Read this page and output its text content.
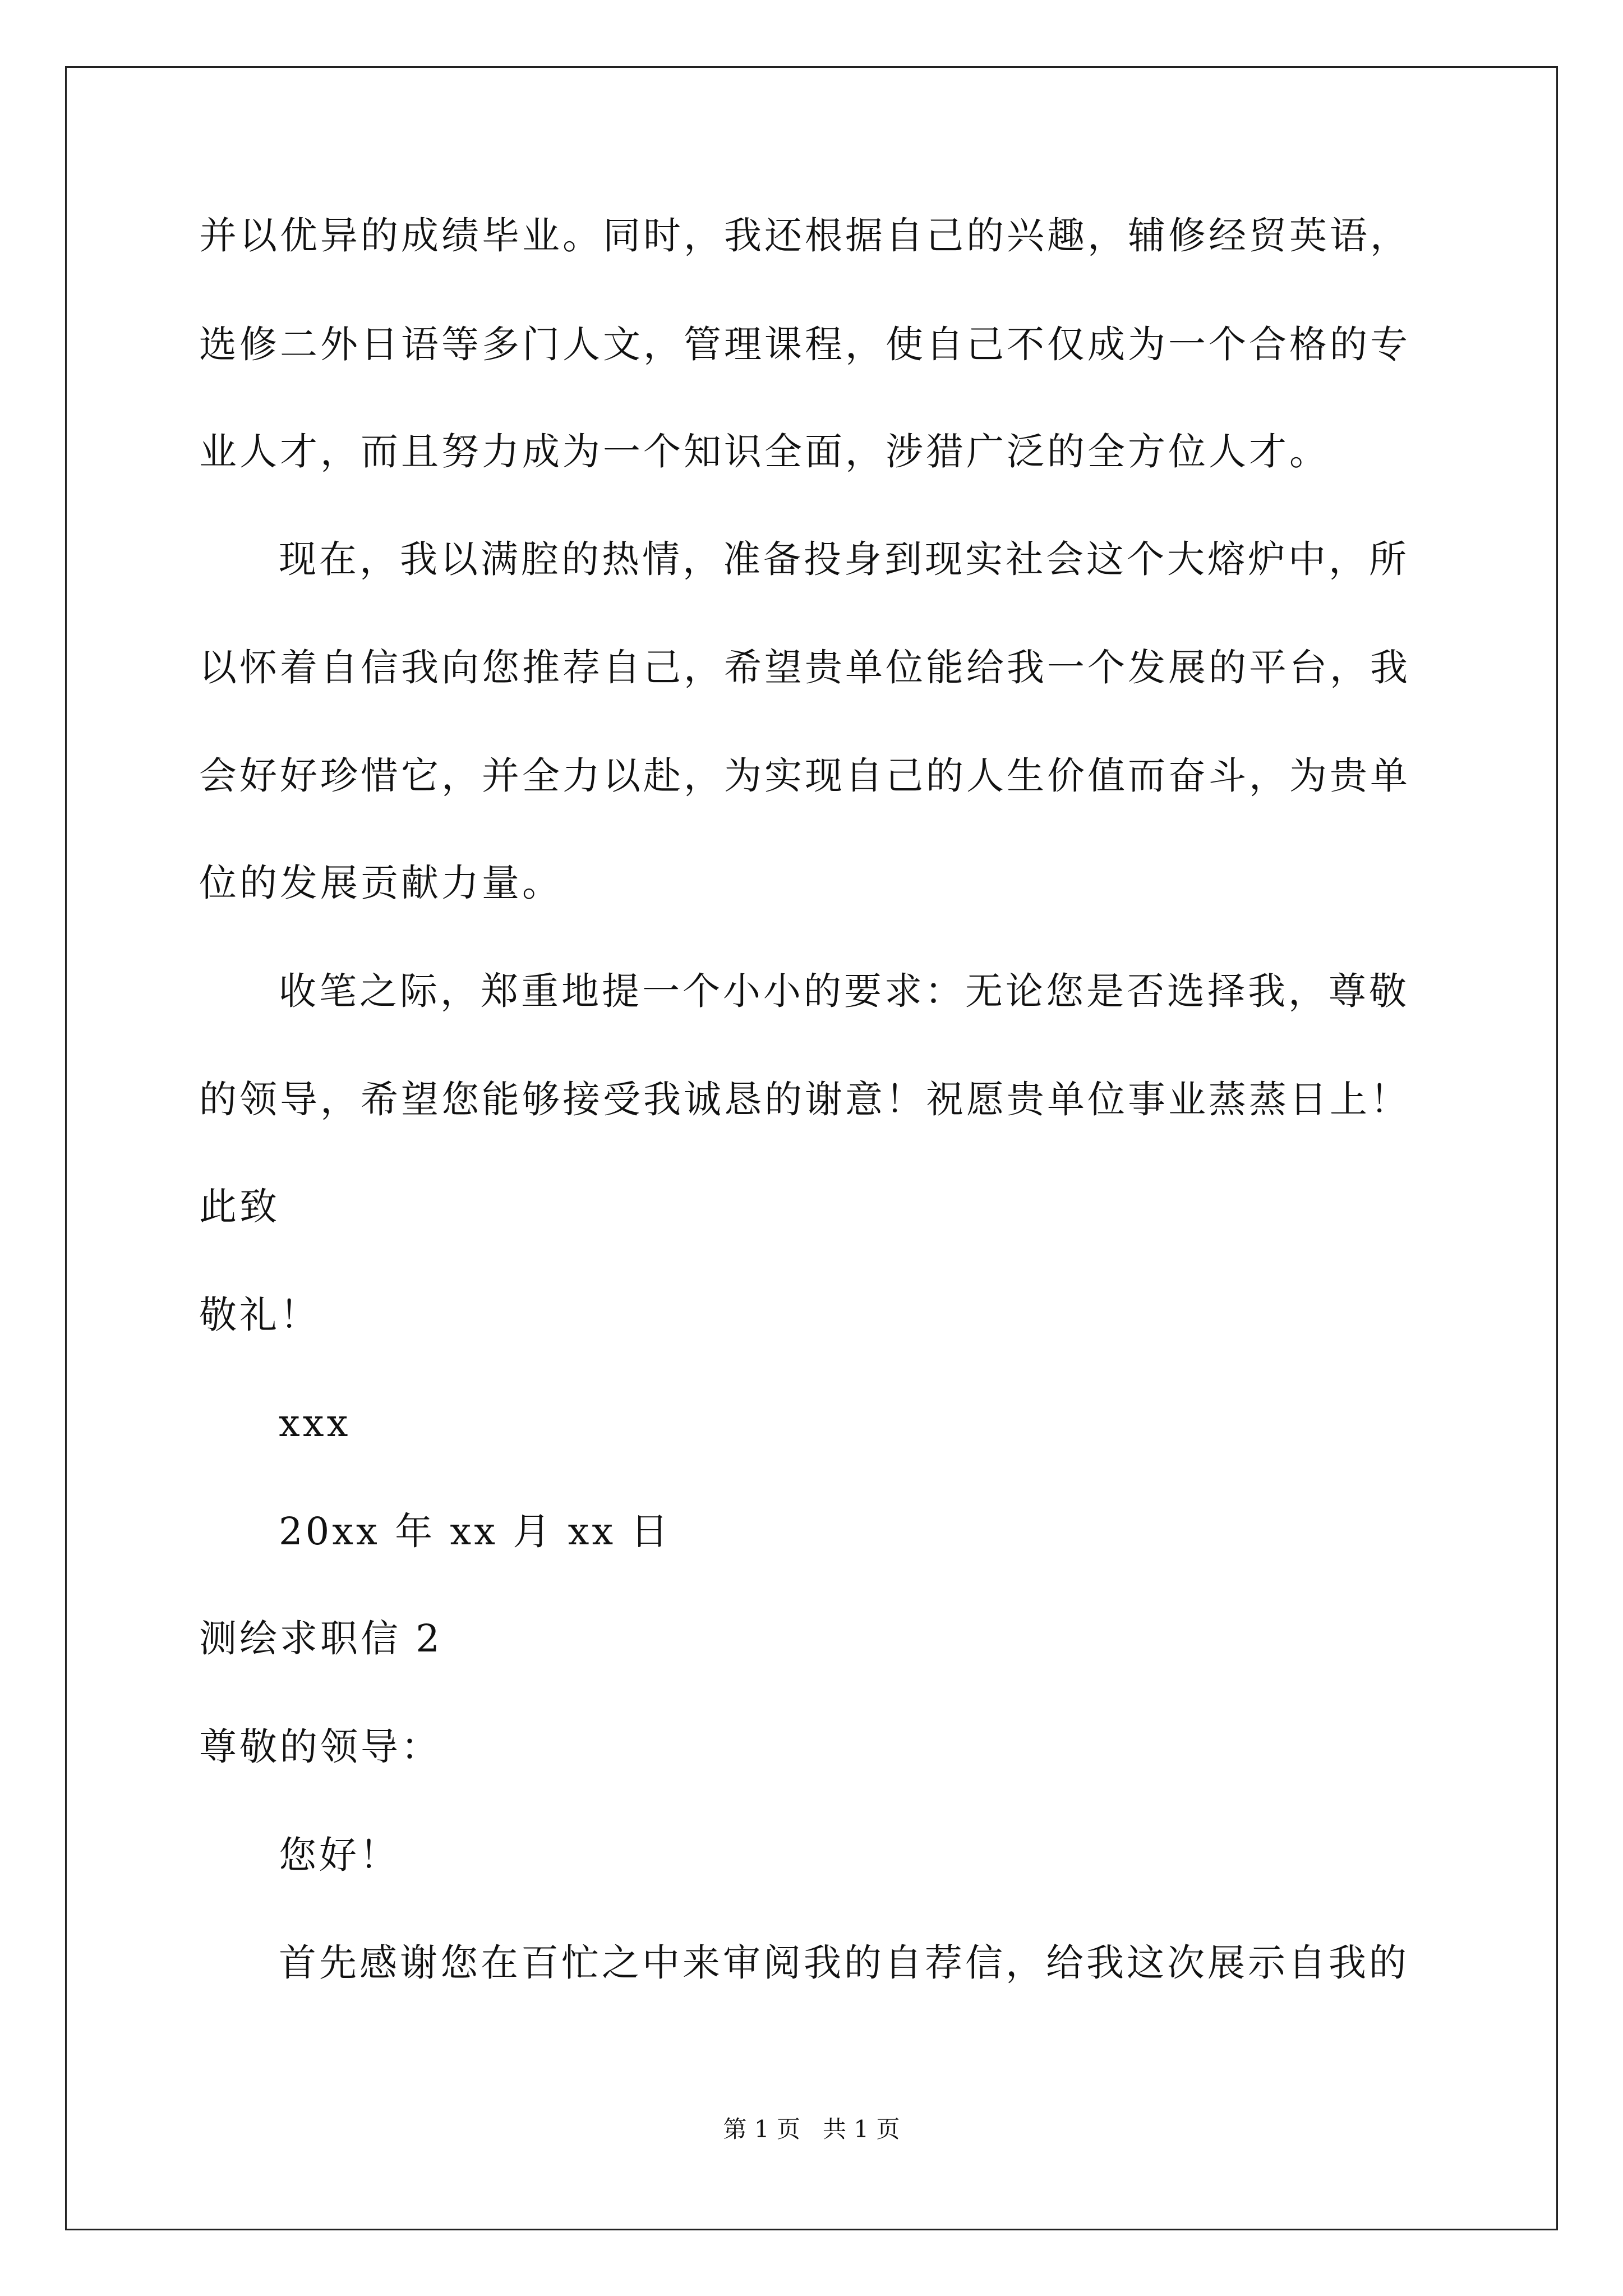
并以优异的成绩毕业。同时，我还根据自己的兴趣，辅修经贸英语，
选修二外日语等多门人文，管理课程，使自己不仅成为一个合格的专
业人才，而且努力成为一个知识全面，涉猎广泛的全方位人才。
现在，我以满腔的热情，准备投身到现实社会这个大熔炉中，所
以怀着自信我向您推荐自己，希望贵单位能给我一个发展的平台，我
会好好珍惜它，并全力以赴，为实现自己的人生价值而奋斗，为贵单
位的发展贡献力量。
收笔之际，郑重地提一个小小的要求：无论您是否选择我，尊敬
的领导，希望您能够接受我诚恳的谢意！祝愿贵单位事业蒸蒸日上！
此致
敬礼！
xxx
20xx 年 xx 月 xx 日
测绘求职信 2
尊敬的领导：
您好！
首先感谢您在百忙之中来审阅我的自荐信，给我这次展示自我的
第 1 页   共 1 页
